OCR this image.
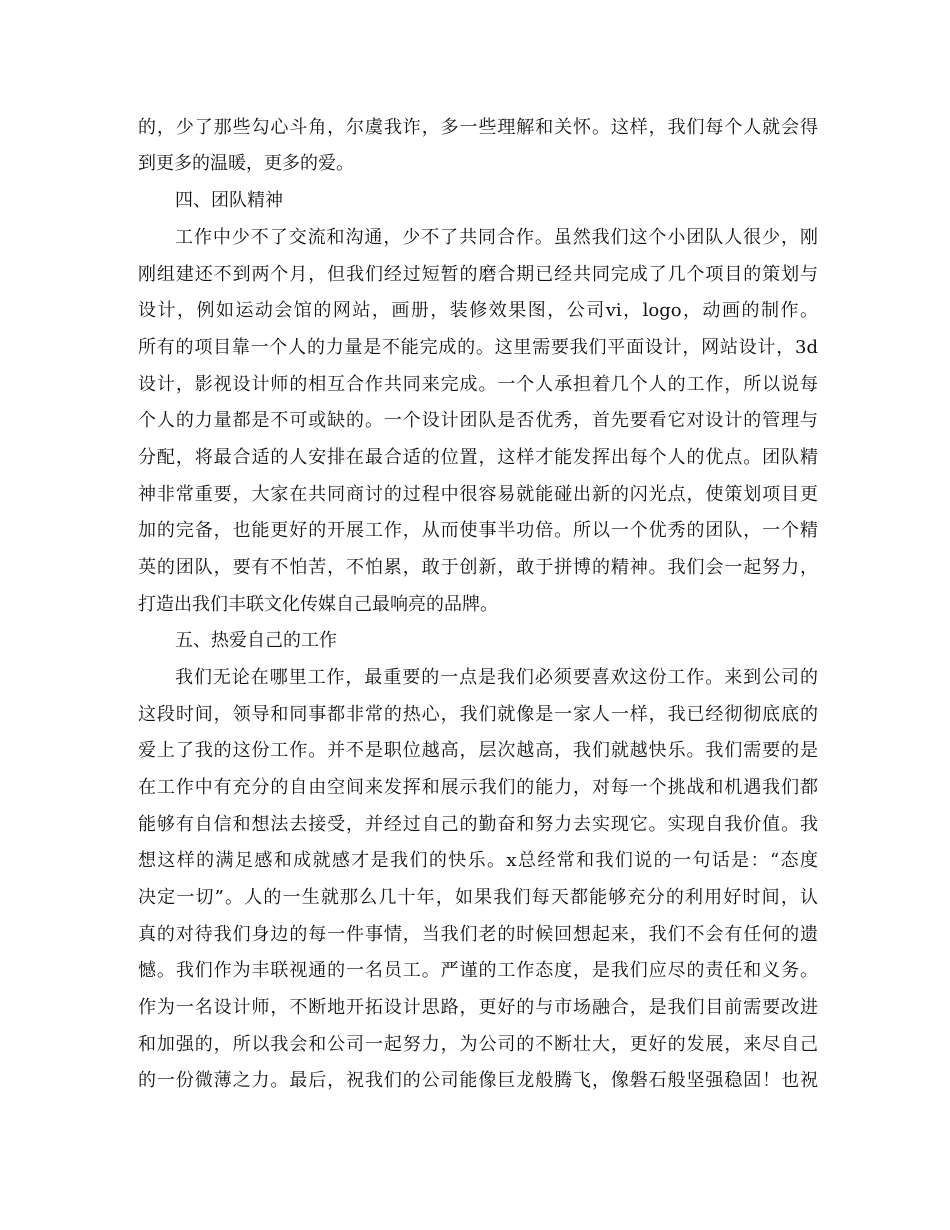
的，少了那些勾心斗角，尔虞我诈，多一些理解和关怀。这样，我们每个人就会得
到更多的温暖，更多的爱。
四、团队精神
工作中少不了交流和沟通，少不了共同合作。虽然我们这个小团队人很少，刚
刚组建还不到两个月，但我们经过短暂的磨合期已经共同完成了几个项目的策划与
设计，例如运动会馆的网站，画册，装修效果图，公司vi，logo，动画的制作。
所有的项目靠一个人的力量是不能完成的。这里需要我们平面设计，网站设计，3d
设计，影视设计师的相互合作共同来完成。一个人承担着几个人的工作，所以说每
个人的力量都是不可或缺的。一个设计团队是否优秀，首先要看它对设计的管理与
分配，将最合适的人安排在最合适的位置，这样才能发挥出每个人的优点。团队精
神非常重要，大家在共同商讨的过程中很容易就能碰出新的闪光点，使策划项目更
加的完备，也能更好的开展工作，从而使事半功倍。所以一个优秀的团队，一个精
英的团队，要有不怕苦，不怕累，敢于创新，敢于拼博的精神。我们会一起努力，
打造出我们丰联文化传媒自己最响亮的品牌。
五、热爱自己的工作
我们无论在哪里工作，最重要的一点是我们必须要喜欢这份工作。来到公司的
这段时间，领导和同事都非常的热心，我们就像是一家人一样，我已经彻彻底底的
爱上了我的这份工作。并不是职位越高，层次越高，我们就越快乐。我们需要的是
在工作中有充分的自由空间来发挥和展示我们的能力，对每一个挑战和机遇我们都
能够有自信和想法去接受，并经过自己的勤奋和努力去实现它。实现自我价值。我
想这样的满足感和成就感才是我们的快乐。x总经常和我们说的一句话是：“态度
决定一切”。人的一生就那么几十年，如果我们每天都能够充分的利用好时间，认
真的对待我们身边的每一件事情，当我们老的时候回想起来，我们不会有任何的遗
憾。我们作为丰联视通的一名员工。严谨的工作态度，是我们应尽的责任和义务。
作为一名设计师，不断地开拓设计思路，更好的与市场融合，是我们目前需要改进
和加强的，所以我会和公司一起努力，为公司的不断壮大，更好的发展，来尽自己
的一份微薄之力。最后，祝我们的公司能像巨龙般腾飞，像磐石般坚强稳固！也祝
